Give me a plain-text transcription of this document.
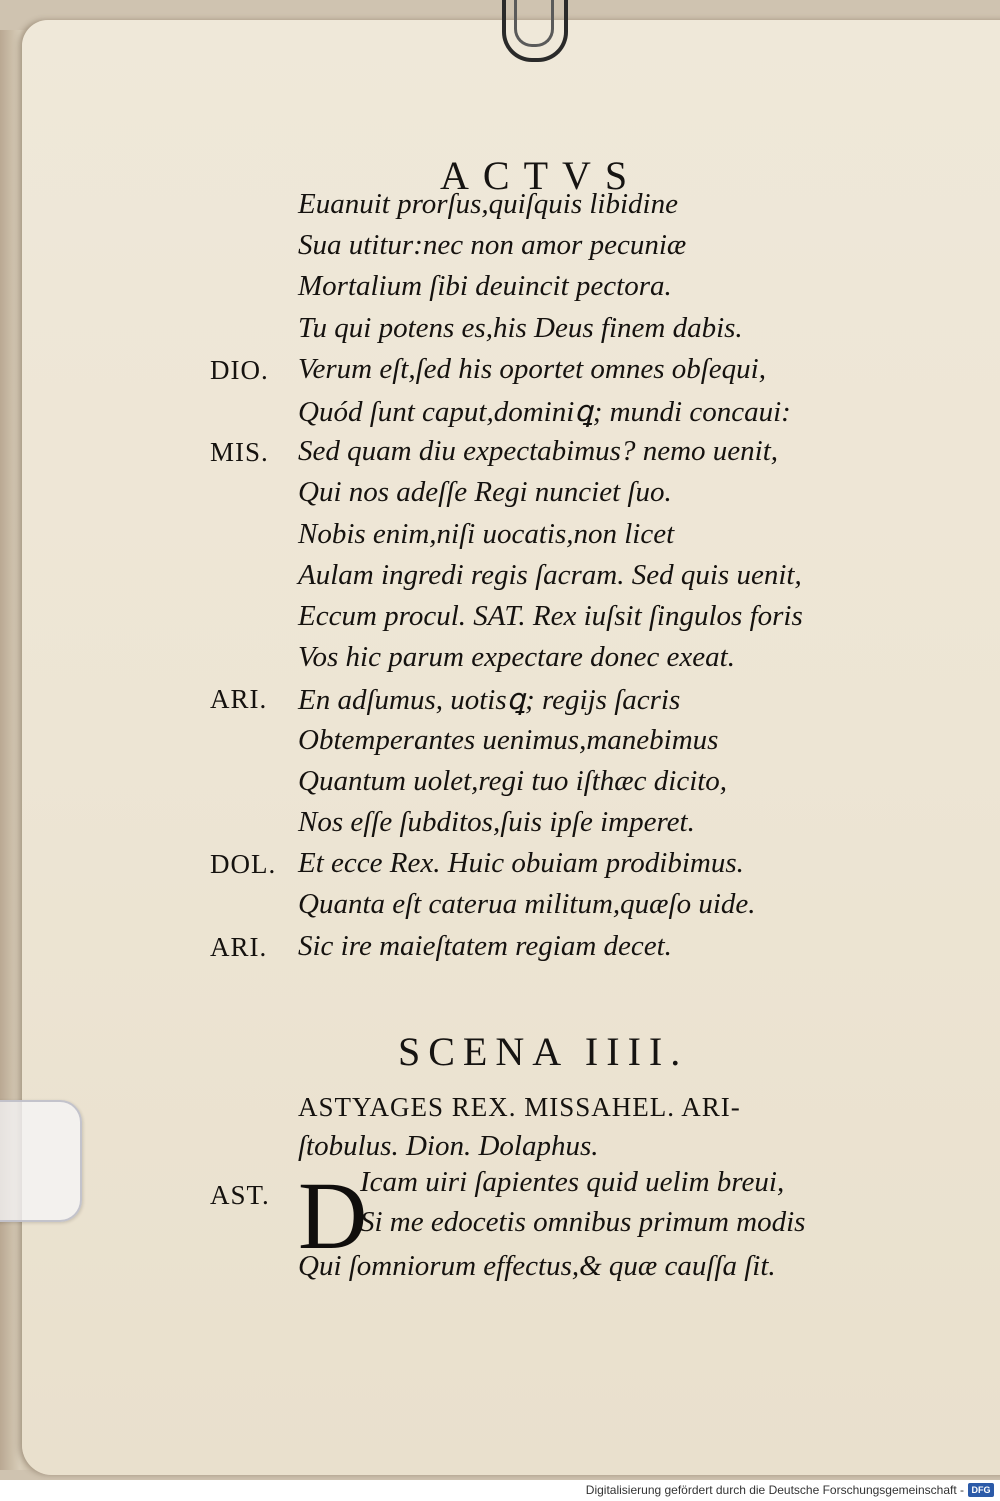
ACTVS
Euanuit prorſus,quiſquis libidine
Sua utitur:nec non amor pecuniæ
Mortalium ſibi deuincit pectora.
Tu qui potens es,his Deus finem dabis.
DIO. Verum eſt,ſed his oportet omnes obſequi,
Quód ſunt caput,dominiꝗ; mundi concaui:
MIS. Sed quam diu expectabimus? nemo uenit,
Qui nos adeſſe Regi nunciet ſuo.
Nobis enim,niſi uocatis,non licet
Aulam ingredi regis ſacram. Sed quis uenit,
Eccum procul. SAT. Rex iuſsit ſingulos foris
Vos hic parum expectare donec exeat.
ARI. En adſumus, uotisꝗ; regijs ſacris
Obtemperantes uenimus,manebimus
Quantum uolet,regi tuo iſthæc dicito,
Nos eſſe ſubditos,ſuis ipſe imperet.
DOL. Et ecce Rex. Huic obuiam prodibimus.
Quanta eſt caterua militum,quæſo uide.
ARI. Sic ire maieſtatem regiam decet.
SCENA IIII.
ASTYAGES REX. MISSAHEL. ARI-
ſtobulus. Dion. Dolaphus.
AST. D
Icam uiri ſapientes quid uelim breui,
Si me edocetis omnibus primum modis
Qui ſomniorum effectus,& quæ cauſſa ſit.
Digitalisierung gefördert durch die Deutsche Forschungsgemeinschaft - DFG
